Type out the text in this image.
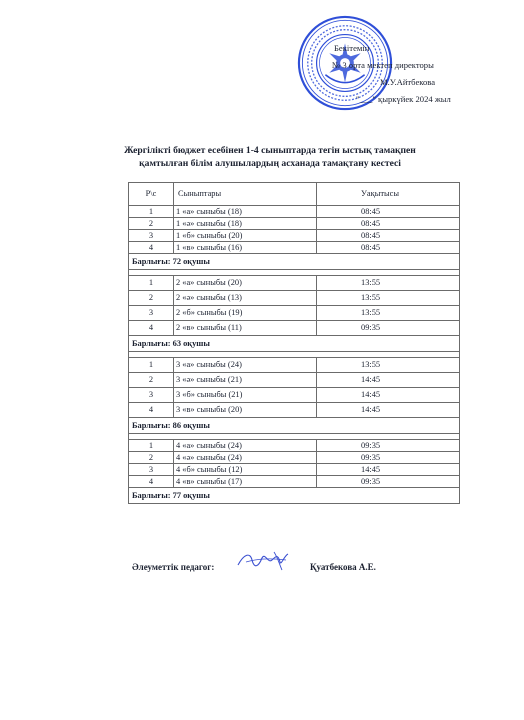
Бекітемін
№ 3 орта мектеп директоры
М.У.Айтбекова
"___" қыркүйек 2024 жыл
Жергілікті бюджет есебінен 1-4 сыныптарда тегін ыстық тамақпен
қамтылған білім алушылардың асханада тамақтану кестесі
Р\с	Сыныптары	Уақытысы
1	1 «а» сыныбы (18)	08:45
2	1 «ә» сыныбы (18)	08:45
3	1 «б» сыныбы (20)	08:45
4	1 «в» сыныбы (16)	08:45
Барлығы: 72 оқушы		

1	2 «а» сыныбы (20)	13:55
2	2 «ә» сыныбы (13)	13:55
3	2 «б» сыныбы (19)	13:55
4	2 «в» сыныбы (11)	09:35
Барлығы: 63 оқушы		

1	3 «а» сыныбы (24)	13:55
2	3 «ә» сыныбы (21)	14:45
3	3 «б» сыныбы (21)	14:45
4	3 «в» сыныбы (20)	14:45
Барлығы: 86 оқушы		

1	4 «а» сыныбы (24)	09:35
2	4 «ә» сыныбы (24)	09:35
3	4 «б» сыныбы (12)	14:45
4	4 «в» сыныбы (17)	09:35
Барлығы: 77 оқушы		
Әлеуметтік педагог:	Қуатбекова А.Е.
